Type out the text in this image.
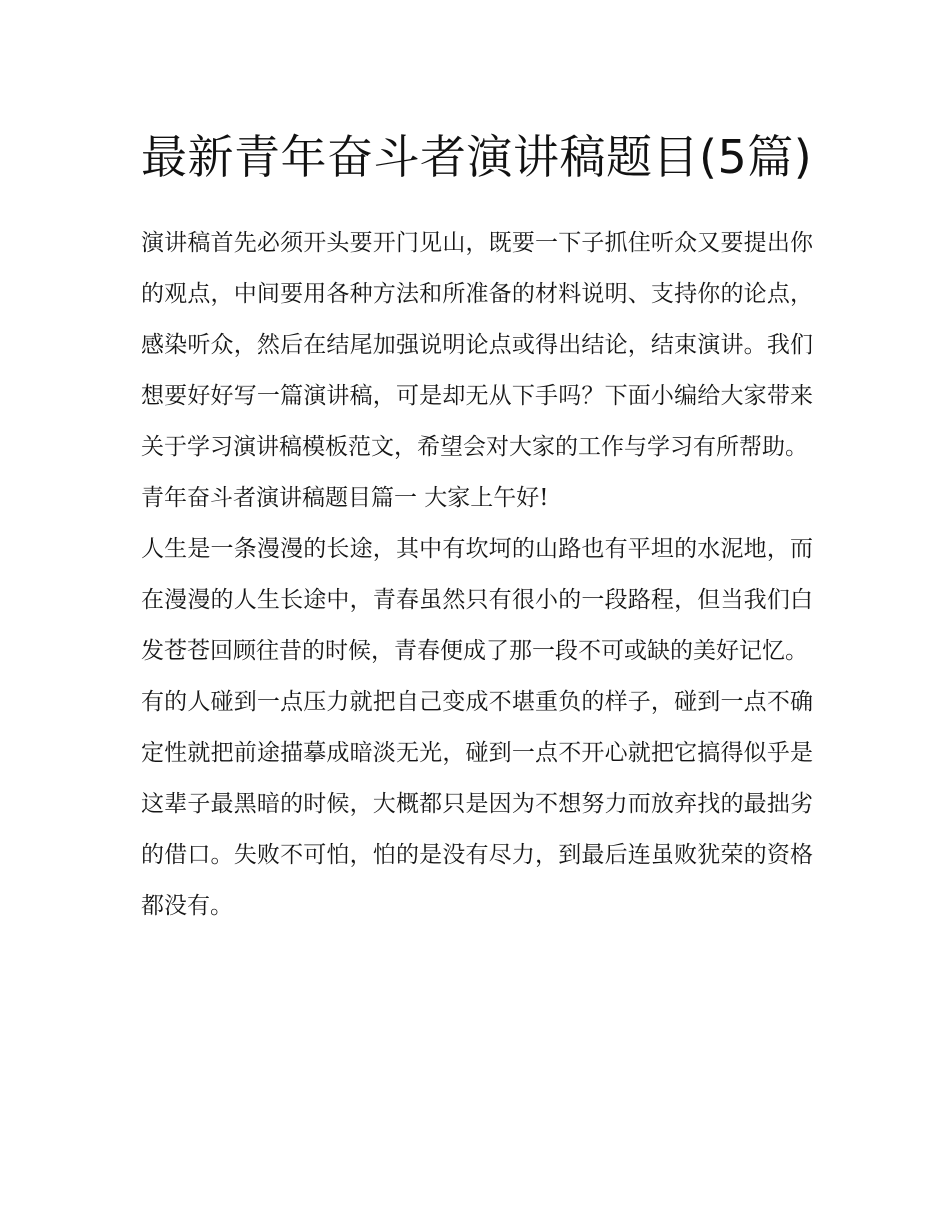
最新青年奋斗者演讲稿题目(5篇)

演讲稿首先必须开头要开门见山，既要一下子抓住听众又要提出你的观点，中间要用各种方法和所准备的材料说明、支持你的论点，感染听众，然后在结尾加强说明论点或得出结论，结束演讲。我们想要好好写一篇演讲稿，可是却无从下手吗？下面小编给大家带来关于学习演讲稿模板范文，希望会对大家的工作与学习有所帮助。

青年奋斗者演讲稿题目篇一 大家上午好!

人生是一条漫漫的长途，其中有坎坷的山路也有平坦的水泥地，而在漫漫的人生长途中，青春虽然只有很小的一段路程，但当我们白发苍苍回顾往昔的时候，青春便成了那一段不可或缺的美好记忆。

有的人碰到一点压力就把自己变成不堪重负的样子，碰到一点不确定性就把前途描摹成暗淡无光，碰到一点不开心就把它搞得似乎是这辈子最黑暗的时候，大概都只是因为不想努力而放弃找的最拙劣的借口。失败不可怕，怕的是没有尽力，到最后连虽败犹荣的资格都没有。
